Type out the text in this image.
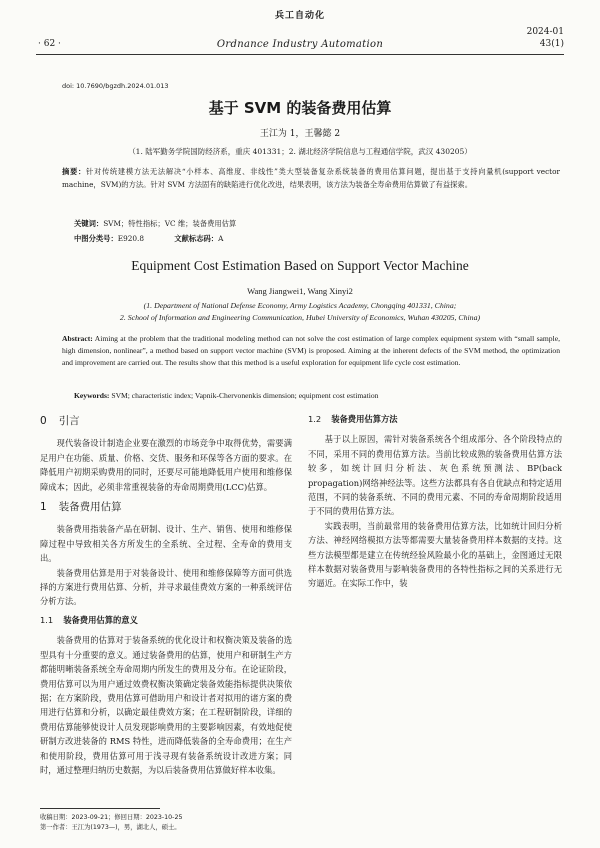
兵工自动化
2024-01
· 62 ·	Ordnance Industry Automation	43(1)
doi: 10.7690/bgzdh.2024.01.013
基于 SVM 的装备费用估算
王江为 1，王馨懿 2
（1. 陆军勤务学院国防经济系，重庆 401331；2. 湖北经济学院信息与工程通信学院，武汉 430205）
摘要：针对传统建模方法无法解决“小样本、高维度、非线性”类大型装备复杂系统装备的费用估算问题，提出基于支持向量机(support vector machine，SVM)的方法。针对 SVM 方法固有的缺陷进行优化改进，结果表明，该方法为装备全寿命费用估算做了有益探索。
关键词：SVM；特性指标；VC 维；装备费用估算
中图分类号：E920.8	文献标志码：A
Equipment Cost Estimation Based on Support Vector Machine
Wang Jiangwei1, Wang Xinyi2
(1. Department of National Defense Economy, Army Logistics Academy, Chongqing 401331, China;
2. School of Information and Engineering Communication, Hubei University of Economics, Wuhan 430205, China)
Abstract: Aiming at the problem that the traditional modeling method can not solve the cost estimation of large complex equipment system with “small sample, high dimension, nonlinear”, a method based on support vector machine (SVM) is proposed. Aiming at the inherent defects of the SVM method, the optimization and improvement are carried out. The results show that this method is a useful exploration for equipment life cycle cost estimation.
Keywords: SVM; characteristic index; Vapnik-Chervonenkis dimension; equipment cost estimation
0 引言

现代装备设计制造企业要在激烈的市场竞争中取得优势，需要满足用户在功能、质量、价格、交货、服务和环保等各方面的要求。在降低用户初期采购费用的同时，还要尽可能地降低用户使用和维修保障成本；因此，必须非常重视装备的寿命周期费用(LCC)估算。

1 装备费用估算

装备费用指装备产品在研制、设计、生产、销售、使用和维修保障过程中导致相关各方所发生的全系统、全过程、全寿命的费用支出。

装备费用估算是用于对装备设计、使用和维修保障等方面可供选择的方案进行费用估算、分析，并寻求最佳费效方案的一种系统评估分析方法。

1.1 装备费用估算的意义

装备费用的估算对于装备系统的优化设计和权衡决策及装备的选型具有十分重要的意义。通过装备费用的估算，使用户和研制生产方都能明晰装备系统全寿命周期内所发生的费用及分布。在论证阶段，费用估算可以为用户通过效费权衡决策确定装备效能指标提供决策依据；在方案阶段，费用估算可借助用户和设计者对拟用的诸方案的费用进行估算和分析，以确定最佳费效方案；在工程研制阶段，详细的费用估算能够使设计人员发现影响费用的主要影响因素，有效地促使研制方改进装备的 RMS 特性，进而降低装备的全寿命费用；在生产和使用阶段，费用估算可用于浅寻现有装备系统设计改进方案；同时，通过整理归纳历史数据，为以后装备费用估算做好样本收集。

1.2 装备费用估算方法

基于以上原因，需针对装备系统各个组成部分、各个阶段特点的不同，采用不同的费用估算方法。当前比较成熟的装备费用估算方法较多，如统计回归分析法、灰色系统预测法、BP(back propagation)网络神经法等。这些方法都具有各自优缺点和特定适用范围，不同的装备系统、不同的费用元素、不同的寿命周期阶段适用于不同的费用估算方法。

实践表明，当前最常用的装备费用估算方法，比如统计回归分析方法、神经网络模拟方法等都需要大量装备费用样本数据的支持。这些方法模型都是建立在传统经验风险最小化的基础上，金图通过无限样本数据对装备费用与影响装备费用的各特性指标之间的关系进行无穷逼近。在实际工作中，装

收稿日期：2023-09-21；修回日期：2023-10-25
第一作者：王江为(1973—)，男，湖北人，硕士。
